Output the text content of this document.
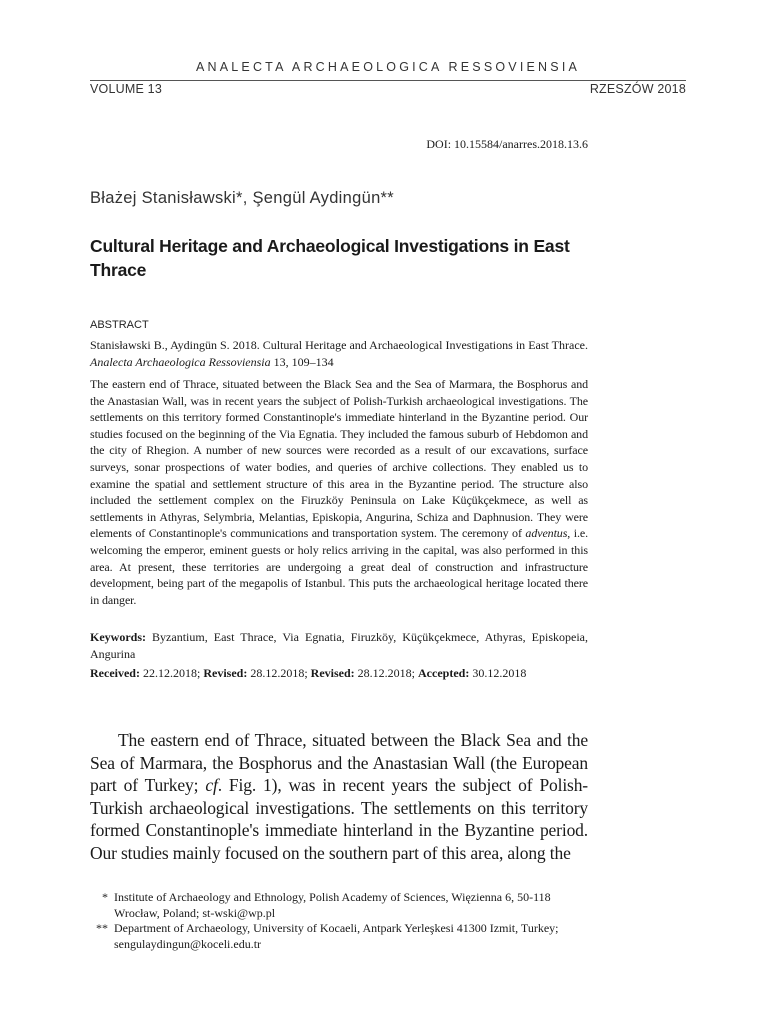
ANALECTA ARCHAEOLOGICA RESSOVIENSIA
VOLUME 13	RZESZÓW 2018
DOI: 10.15584/anarres.2018.13.6
Błażej Stanisławski*, Şengül Aydingün**
Cultural Heritage and Archaeological Investigations in East Thrace
ABSTRACT

Stanisławski B., Aydingün S. 2018. Cultural Heritage and Archaeological Investigations in East Thrace. Analecta Archaeologica Ressoviensia 13, 109–134

The eastern end of Thrace, situated between the Black Sea and the Sea of Marmara, the Bosphorus and the Anastasian Wall, was in recent years the subject of Polish-Turkish archaeological investigations. The settlements on this territory formed Constantinople's immediate hinterland in the Byzantine period. Our studies focused on the beginning of the Via Egnatia. They included the famous suburb of Hebdomon and the city of Rhegion. A number of new sources were recorded as a result of our excavations, surface surveys, sonar prospections of water bodies, and queries of archive collections. They enabled us to examine the spatial and settlement structure of this area in the Byzantine period. The structure also included the settlement complex on the Firuzköy Peninsula on Lake Küçükçekmece, as well as settlements in Athyras, Selymbria, Melantias, Episkopia, Angurina, Schiza and Daphnusion. They were elements of Constantinople's communications and transportation system. The ceremony of adventus, i.e. welcoming the emperor, eminent guests or holy relics arriving in the capital, was also performed in this area. At present, these territories are undergoing a great deal of construction and infrastructure development, being part of the megapolis of Istanbul. This puts the archaeological heritage located there in danger.

Keywords: Byzantium, East Thrace, Via Egnatia, Firuzköy, Küçükçekmece, Athyras, Episkopeia, Angurina

Received: 22.12.2018; Revised: 28.12.2018; Revised: 28.12.2018; Accepted: 30.12.2018

The eastern end of Thrace, situated between the Black Sea and the Sea of Marmara, the Bosphorus and the Anastasian Wall (the European part of Turkey; cf. Fig. 1), was in recent years the subject of Polish-Turkish archaeological investigations. The settlements on this territory formed Constantinople's immediate hinterland in the Byzantine period. Our studies mainly focused on the southern part of this area, along the

* Institute of Archaeology and Ethnology, Polish Academy of Sciences, Więzienna 6, 50-118 Wrocław, Poland; st-wski@wp.pl
** Department of Archaeology, University of Kocaeli, Antpark Yerleşkesi 41300 Izmit, Turkey; sengulaydingun@koceli.edu.tr
